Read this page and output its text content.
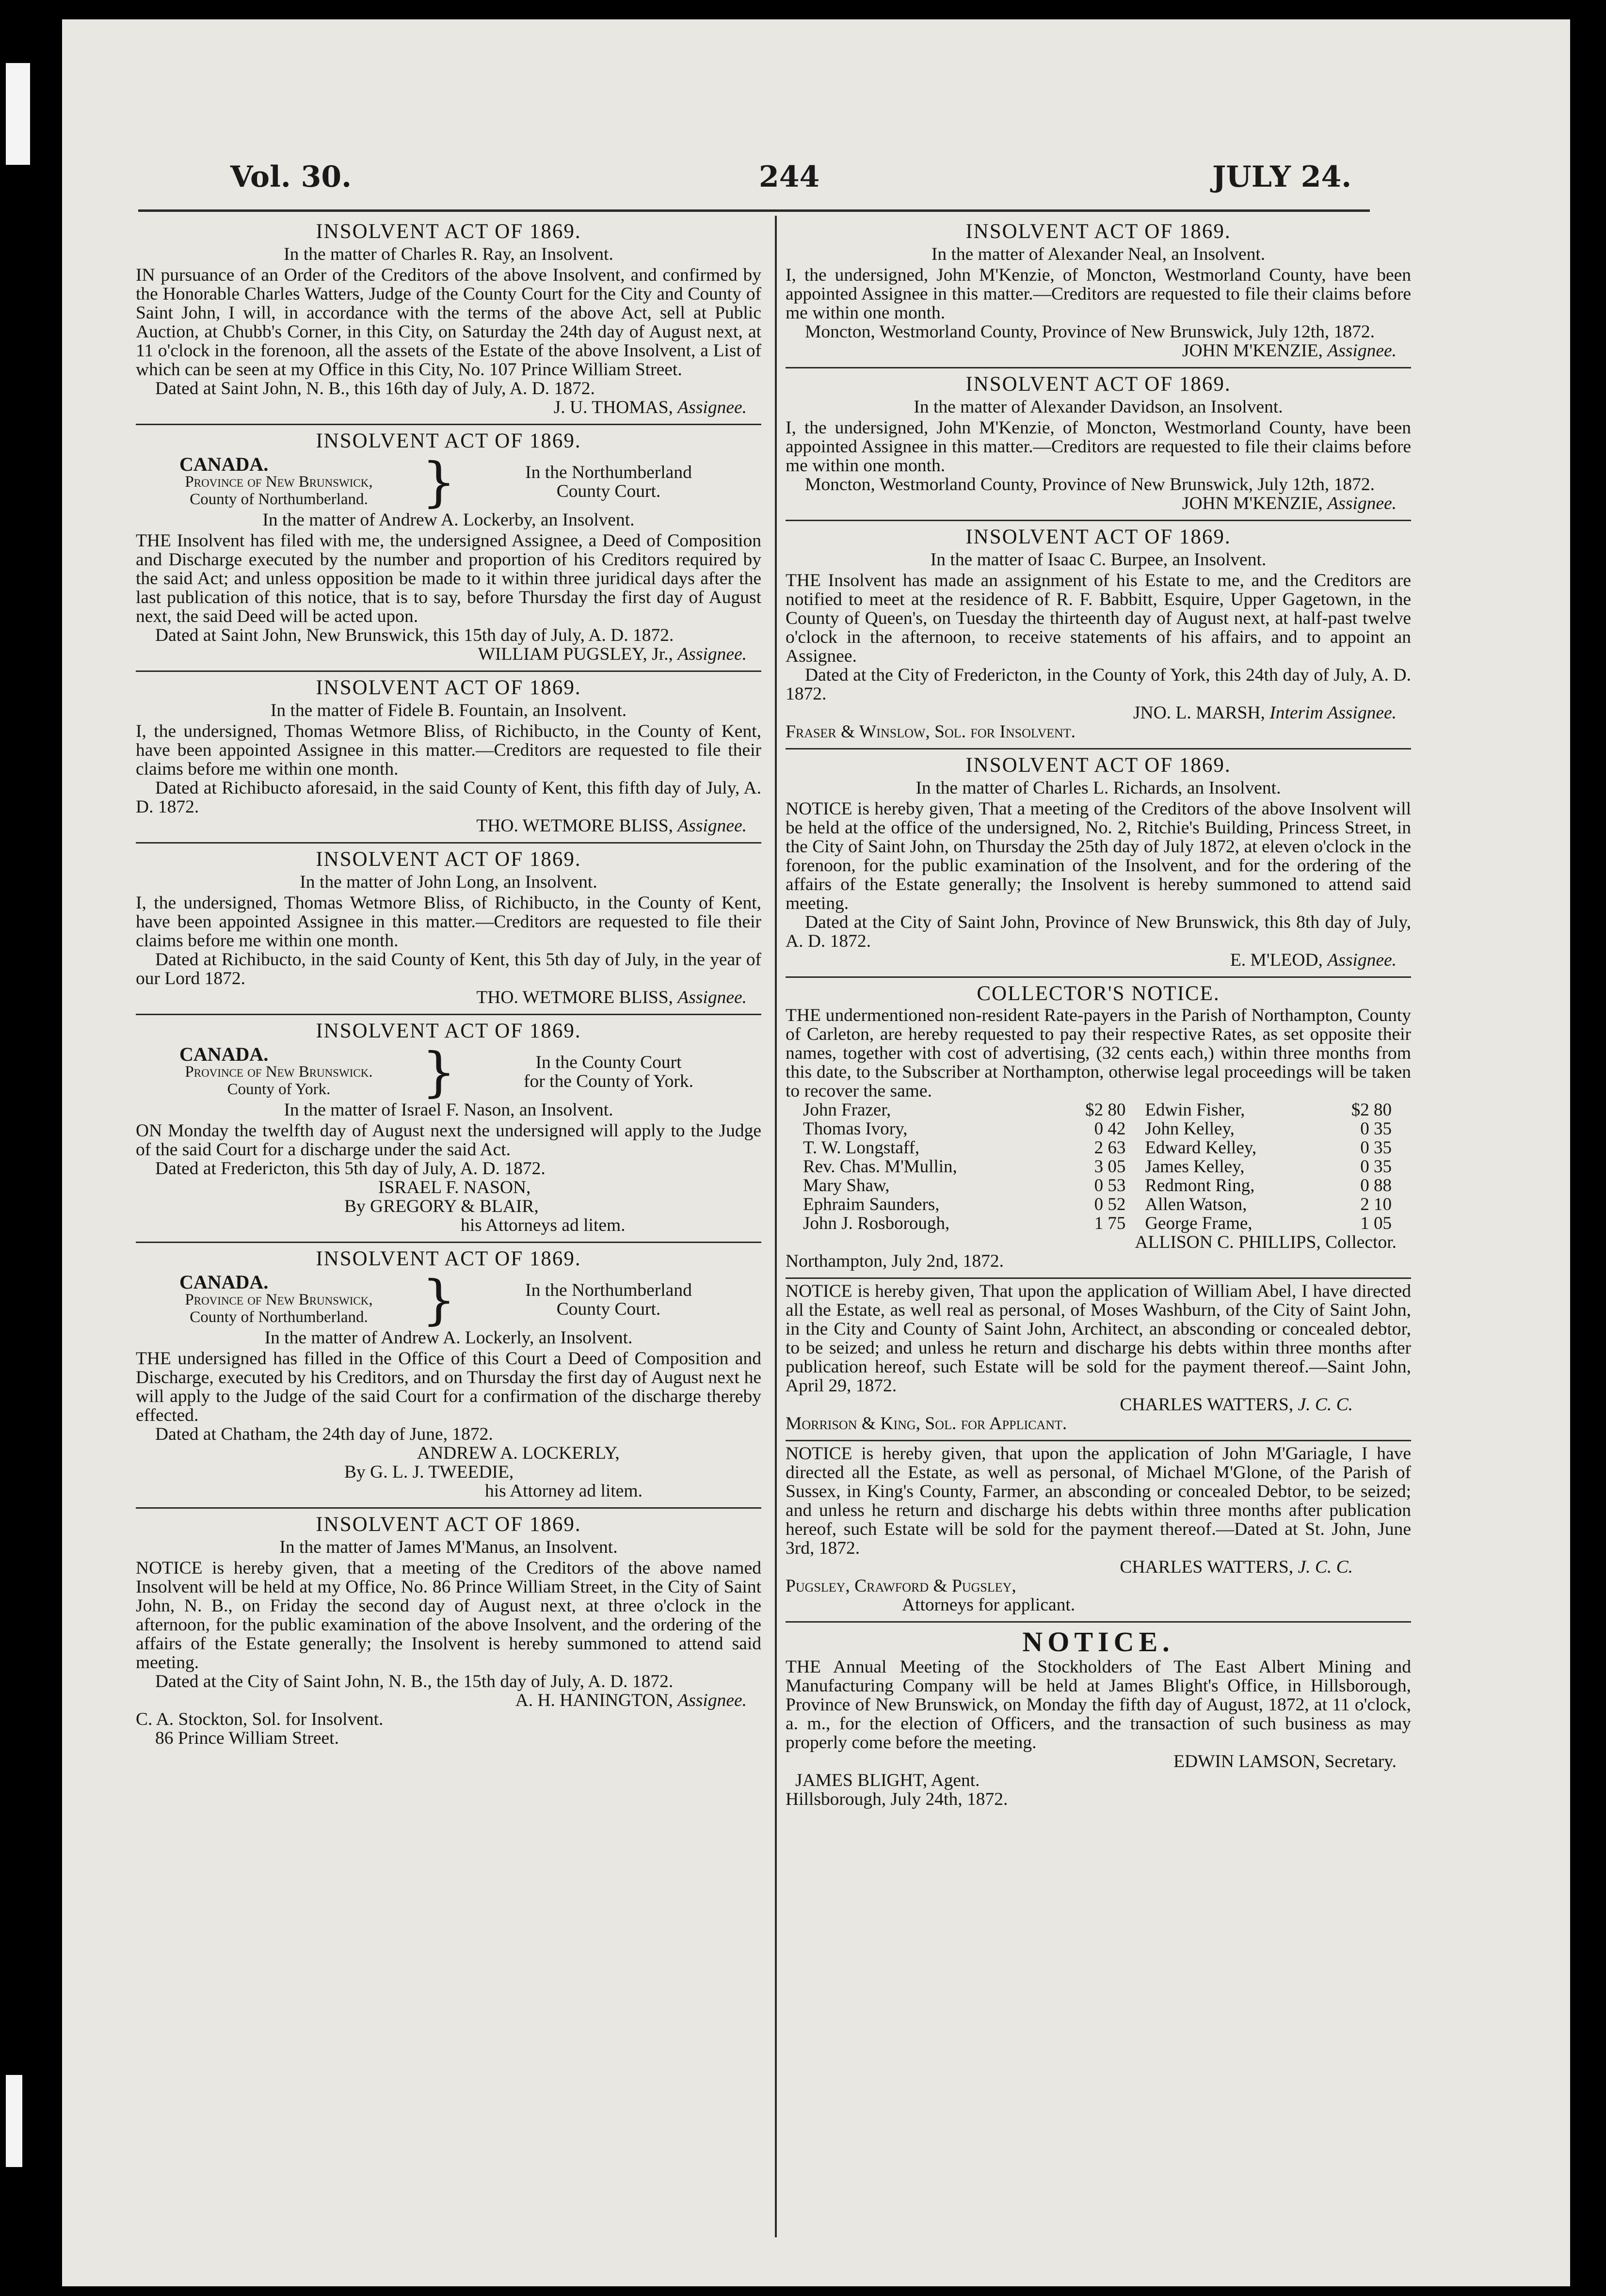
Vol. 30.	244	JULY 24.
INSOLVENT ACT OF 1869.
In the matter of Charles R. Ray, an Insolvent.
IN pursuance of an Order of the Creditors of the above Insolvent, and confirmed by the Honorable Charles Watters, Judge of the County Court for the City and County of Saint John, I will, in accordance with the terms of the above Act, sell at Public Auction, at Chubb's Corner, in this City, on Saturday the 24th day of August next, at 11 o'clock in the forenoon, all the assets of the Estate of the above Insolvent, a List of which can be seen at my Office in this City, No. 107 Prince William Street.
Dated at Saint John, N. B., this 16th day of July, A. D. 1872.
J. U. THOMAS, Assignee.
INSOLVENT ACT OF 1869.
CANADA.
Province of New Brunswick,
County of Northumberland.	}	In the Northumberland
County Court.
In the matter of Andrew A. Lockerby, an Insolvent.
THE Insolvent has filed with me, the undersigned Assignee, a Deed of Composition and Discharge executed by the number and proportion of his Creditors required by the said Act; and unless opposition be made to it within three juridical days after the last publication of this notice, that is to say, before Thursday the first day of August next, the said Deed will be acted upon.
Dated at Saint John, New Brunswick, this 15th day of July, A. D. 1872.
WILLIAM PUGSLEY, Jr., Assignee.
INSOLVENT ACT OF 1869.
In the matter of Fidele B. Fountain, an Insolvent.
I, the undersigned, Thomas Wetmore Bliss, of Richibucto, in the County of Kent, have been appointed Assignee in this matter.—Creditors are requested to file their claims before me within one month.
Dated at Richibucto aforesaid, in the said County of Kent, this fifth day of July, A. D. 1872.
THO. WETMORE BLISS, Assignee.
INSOLVENT ACT OF 1869.
In the matter of John Long, an Insolvent.
I, the undersigned, Thomas Wetmore Bliss, of Richibucto, in the County of Kent, have been appointed Assignee in this matter.—Creditors are requested to file their claims before me within one month.
Dated at Richibucto, in the said County of Kent, this 5th day of July, in the year of our Lord 1872.
THO. WETMORE BLISS, Assignee.
INSOLVENT ACT OF 1869.
CANADA.
Province of New Brunswick.
County of York.	}	In the County Court
for the County of York.
In the matter of Israel F. Nason, an Insolvent.
ON Monday the twelfth day of August next the undersigned will apply to the Judge of the said Court for a discharge under the said Act.
Dated at Fredericton, this 5th day of July, A. D. 1872.
ISRAEL F. NASON,
By GREGORY & BLAIR,
his Attorneys ad litem.
INSOLVENT ACT OF 1869.
CANADA.
Province of New Brunswick,
County of Northumberland.	}	In the Northumberland
County Court.
In the matter of Andrew A. Lockerly, an Insolvent.
THE undersigned has filled in the Office of this Court a Deed of Composition and Discharge, executed by his Creditors, and on Thursday the first day of August next he will apply to the Judge of the said Court for a confirmation of the discharge thereby effected.
Dated at Chatham, the 24th day of June, 1872.
ANDREW A. LOCKERLY,
By G. L. J. TWEEDIE,
his Attorney ad litem.
INSOLVENT ACT OF 1869.
In the matter of James M'Manus, an Insolvent.
NOTICE is hereby given, that a meeting of the Creditors of the above named Insolvent will be held at my Office, No. 86 Prince William Street, in the City of Saint John, N. B., on Friday the second day of August next, at three o'clock in the afternoon, for the public examination of the above Insolvent, and the ordering of the affairs of the Estate generally; the Insolvent is hereby summoned to attend said meeting.
Dated at the City of Saint John, N. B., the 15th day of July, A. D. 1872.
A. H. HANINGTON, Assignee.
C. A. Stockton, Sol. for Insolvent.
86 Prince William Street.
INSOLVENT ACT OF 1869.
In the matter of Alexander Neal, an Insolvent.
I, the undersigned, John M'Kenzie, of Moncton, Westmorland County, have been appointed Assignee in this matter.—Creditors are requested to file their claims before me within one month.
Moncton, Westmorland County, Province of New Brunswick, July 12th, 1872.
JOHN M'KENZIE, Assignee.
INSOLVENT ACT OF 1869.
In the matter of Alexander Davidson, an Insolvent.
I, the undersigned, John M'Kenzie, of Moncton, Westmorland County, have been appointed Assignee in this matter.—Creditors are requested to file their claims before me within one month.
Moncton, Westmorland County, Province of New Brunswick, July 12th, 1872.
JOHN M'KENZIE, Assignee.
INSOLVENT ACT OF 1869.
In the matter of Isaac C. Burpee, an Insolvent.
THE Insolvent has made an assignment of his Estate to me, and the Creditors are notified to meet at the residence of R. F. Babbitt, Esquire, Upper Gagetown, in the County of Queen's, on Tuesday the thirteenth day of August next, at half-past twelve o'clock in the afternoon, to receive statements of his affairs, and to appoint an Assignee.
Dated at the City of Fredericton, in the County of York, this 24th day of July, A. D. 1872.
JNO. L. MARSH, Interim Assignee.
Fraser & Winslow, Sol. for Insolvent.
INSOLVENT ACT OF 1869.
In the matter of Charles L. Richards, an Insolvent.
NOTICE is hereby given, That a meeting of the Creditors of the above Insolvent will be held at the office of the undersigned, No. 2, Ritchie's Building, Princess Street, in the City of Saint John, on Thursday the 25th day of July 1872, at eleven o'clock in the forenoon, for the public examination of the Insolvent, and for the ordering of the affairs of the Estate generally; the Insolvent is hereby summoned to attend said meeting.
Dated at the City of Saint John, Province of New Brunswick, this 8th day of July, A. D. 1872.
E. M'LEOD, Assignee.
COLLECTOR'S NOTICE.
THE undermentioned non-resident Rate-payers in the Parish of Northampton, County of Carleton, are hereby requested to pay their respective Rates, as set opposite their names, together with cost of advertising, (32 cents each,) within three months from this date, to the Subscriber at Northampton, otherwise legal proceedings will be taken to recover the same.
John Frazer,	$2 80	Edwin Fisher,	$2 80
Thomas Ivory,	0 42	John Kelley,	0 35
T. W. Longstaff,	2 63	Edward Kelley,	0 35
Rev. Chas. M'Mullin,	3 05	James Kelley,	0 35
Mary Shaw,	0 53	Redmont Ring,	0 88
Ephraim Saunders,	0 52	Allen Watson,	2 10
John J. Rosborough,	1 75	George Frame,	1 05
ALLISON C. PHILLIPS, Collector.
Northampton, July 2nd, 1872.
NOTICE is hereby given, That upon the application of William Abel, I have directed all the Estate, as well real as personal, of Moses Washburn, of the City of Saint John, in the City and County of Saint John, Architect, an absconding or concealed debtor, to be seized; and unless he return and discharge his debts within three months after publication hereof, such Estate will be sold for the payment thereof.—Saint John, April 29, 1872.
CHARLES WATTERS, J. C. C.
Morrison & King, Sol. for Applicant.
NOTICE is hereby given, that upon the application of John M'Gariagle, I have directed all the Estate, as well as personal, of Michael M'Glone, of the Parish of Sussex, in King's County, Farmer, an absconding or concealed Debtor, to be seized; and unless he return and discharge his debts within three months after publication hereof, such Estate will be sold for the payment thereof.—Dated at St. John, June 3rd, 1872.
CHARLES WATTERS, J. C. C.
Pugsley, Crawford & Pugsley,
Attorneys for applicant.
NOTICE.
THE Annual Meeting of the Stockholders of The East Albert Mining and Manufacturing Company will be held at James Blight's Office, in Hillsborough, Province of New Brunswick, on Monday the fifth day of August, 1872, at 11 o'clock, a. m., for the election of Officers, and the transaction of such business as may properly come before the meeting.
EDWIN LAMSON, Secretary.
JAMES BLIGHT, Agent.
Hillsborough, July 24th, 1872.
